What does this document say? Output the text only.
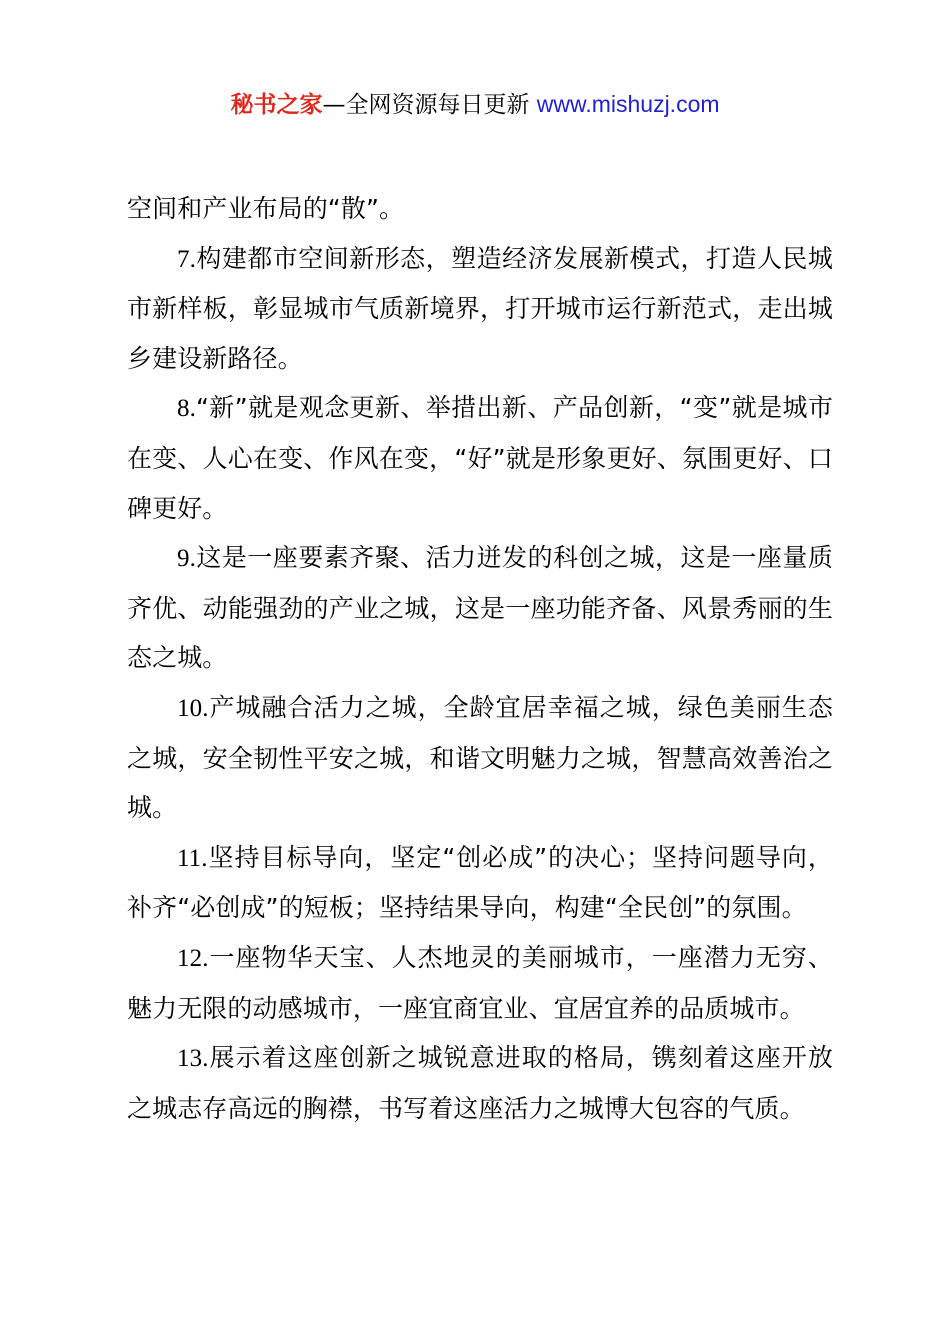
秘书之家—全网资源每日更新 www.mishuzj.com

空间和产业布局的“散”。

7.构建都市空间新形态，塑造经济发展新模式，打造人民城市新样板，彰显城市气质新境界，打开城市运行新范式，走出城乡建设新路径。

8.“新”就是观念更新、举措出新、产品创新，“变”就是城市在变、人心在变、作风在变，“好”就是形象更好、氛围更好、口碑更好。

9.这是一座要素齐聚、活力迸发的科创之城，这是一座量质齐优、动能强劲的产业之城，这是一座功能齐备、风景秀丽的生态之城。

10.产城融合活力之城，全龄宜居幸福之城，绿色美丽生态之城，安全韧性平安之城，和谐文明魅力之城，智慧高效善治之城。

11.坚持目标导向，坚定“创必成”的决心；坚持问题导向，补齐“必创成”的短板；坚持结果导向，构建“全民创”的氛围。

12.一座物华天宝、人杰地灵的美丽城市，一座潜力无穷、魅力无限的动感城市，一座宜商宜业、宜居宜养的品质城市。

13.展示着这座创新之城锐意进取的格局，镌刻着这座开放之城志存高远的胸襟，书写着这座活力之城博大包容的气质。
